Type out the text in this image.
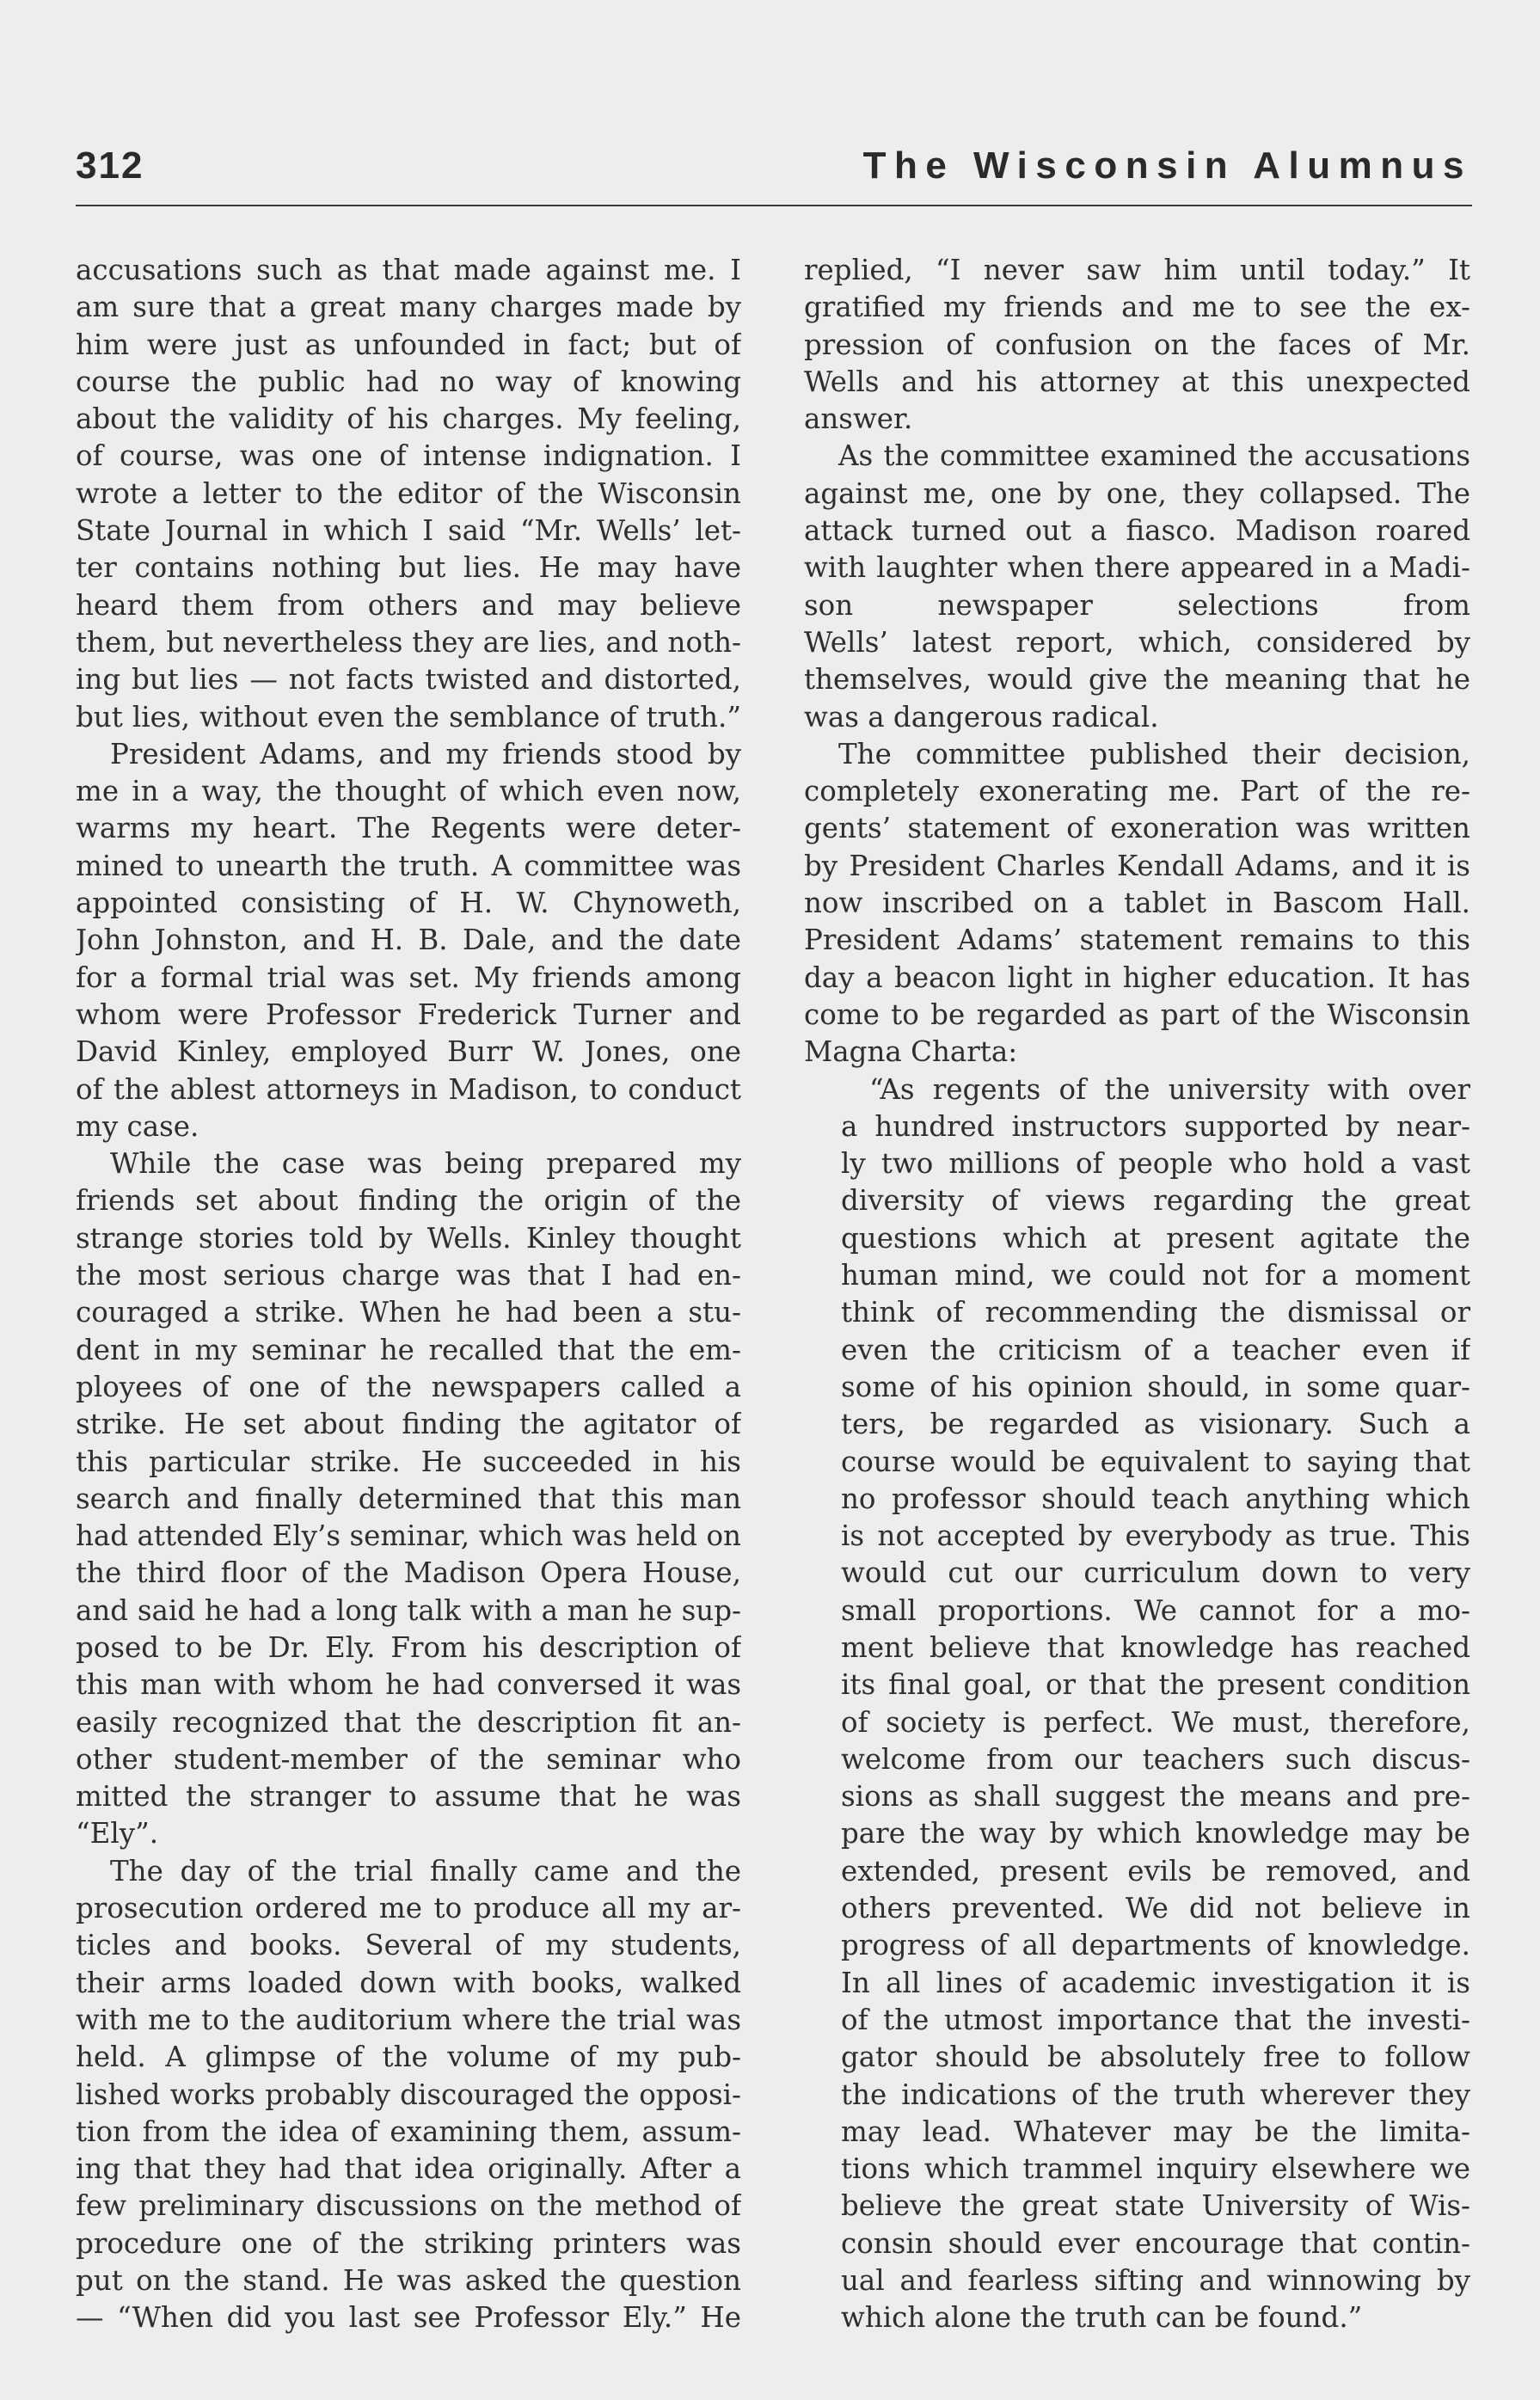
312	The Wisconsin Alumnus
accusations such as that made against me. I
am sure that a great many charges made by
him were just as unfounded in fact; but of
course the public had no way of knowing
about the validity of his charges. My feeling,
of course, was one of intense indignation. I
wrote a letter to the editor of the Wisconsin
State Journal in which I said “Mr. Wells’ let-
ter contains nothing but lies. He may have
heard them from others and may believe
them, but nevertheless they are lies, and noth-
ing but lies — not facts twisted and distorted,
but lies, without even the semblance of truth.”
President Adams, and my friends stood by
me in a way, the thought of which even now,
warms my heart. The Regents were deter-
mined to unearth the truth. A committee was
appointed consisting of H. W. Chynoweth,
John Johnston, and H. B. Dale, and the date
for a formal trial was set. My friends among
whom were Professor Frederick Turner and
David Kinley, employed Burr W. Jones, one
of the ablest attorneys in Madison, to conduct
my case.
While the case was being prepared my
friends set about finding the origin of the
strange stories told by Wells. Kinley thought
the most serious charge was that I had en-
couraged a strike. When he had been a stu-
dent in my seminar he recalled that the em-
ployees of one of the newspapers called a
strike. He set about finding the agitator of
this particular strike. He succeeded in his
search and finally determined that this man
had attended Ely’s seminar, which was held on
the third floor of the Madison Opera House,
and said he had a long talk with a man he sup-
posed to be Dr. Ely. From his description of
this man with whom he had conversed it was
easily recognized that the description fit an-
other student-member of the seminar who
mitted the stranger to assume that he was
“Ely”.
The day of the trial finally came and the
prosecution ordered me to produce all my ar-
ticles and books. Several of my students,
their arms loaded down with books, walked
with me to the auditorium where the trial was
held. A glimpse of the volume of my pub-
lished works probably discouraged the opposi-
tion from the idea of examining them, assum-
ing that they had that idea originally. After a
few preliminary discussions on the method of
procedure one of the striking printers was
put on the stand. He was asked the question
— “When did you last see Professor Ely.” He
replied, “I never saw him until today.” It
gratified my friends and me to see the ex-
pression of confusion on the faces of Mr.
Wells and his attorney at this unexpected
answer.
As the committee examined the accusations
against me, one by one, they collapsed. The
attack turned out a fiasco. Madison roared
with laughter when there appeared in a Madi-
son newspaper selections from
Wells’ latest report, which, considered by
themselves, would give the meaning that he
was a dangerous radical.
The committee published their decision,
completely exonerating me. Part of the re-
gents’ statement of exoneration was written
by President Charles Kendall Adams, and it is
now inscribed on a tablet in Bascom Hall.
President Adams’ statement remains to this
day a beacon light in higher education. It has
come to be regarded as part of the Wisconsin
Magna Charta:
“As regents of the university with over
a hundred instructors supported by near-
ly two millions of people who hold a vast
diversity of views regarding the great
questions which at present agitate the
human mind, we could not for a moment
think of recommending the dismissal or
even the criticism of a teacher even if
some of his opinion should, in some quar-
ters, be regarded as visionary. Such a
course would be equivalent to saying that
no professor should teach anything which
is not accepted by everybody as true. This
would cut our curriculum down to very
small proportions. We cannot for a mo-
ment believe that knowledge has reached
its final goal, or that the present condition
of society is perfect. We must, therefore,
welcome from our teachers such discus-
sions as shall suggest the means and pre-
pare the way by which knowledge may be
extended, present evils be removed, and
others prevented. We did not believe in
progress of all departments of knowledge.
In all lines of academic investigation it is
of the utmost importance that the investi-
gator should be absolutely free to follow
the indications of the truth wherever they
may lead. Whatever may be the limita-
tions which trammel inquiry elsewhere we
believe the great state University of Wis-
consin should ever encourage that contin-
ual and fearless sifting and winnowing by
which alone the truth can be found.”
